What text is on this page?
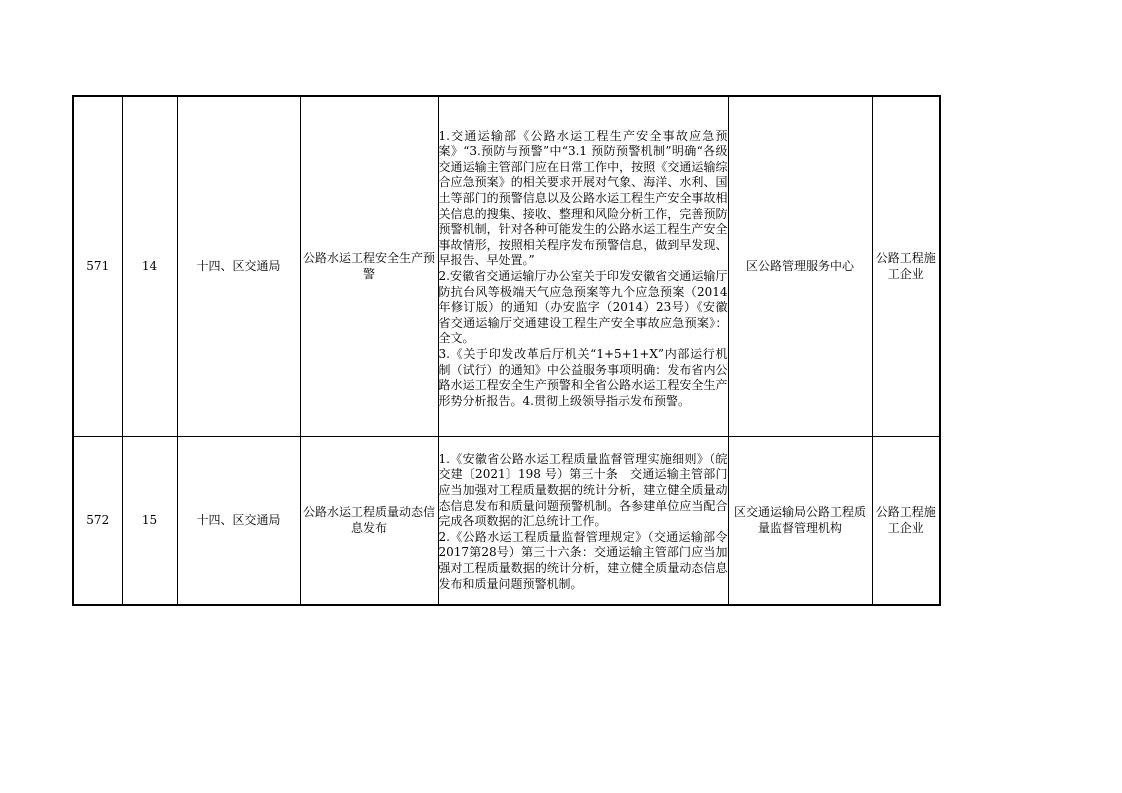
571	14	十四、区交通局	公路水运工程安全生产预警	1.交通运输部《公路水运工程生产安全事故应急预案》“3.预防与预警”中“3.1 预防预警机制”明确“各级交通运输主管部门应在日常工作中，按照《交通运输综合应急预案》的相关要求开展对气象、海洋、水利、国土等部门的预警信息以及公路水运工程生产安全事故相关信息的搜集、接收、整理和风险分析工作，完善预防预警机制，针对各种可能发生的公路水运工程生产安全事故情形，按照相关程序发布预警信息，做到早发现、早报告、早处置。”

2.安徽省交通运输厅办公室关于印发安徽省交通运输厅防抗台风等极端天气应急预案等九个应急预案（2014年修订版）的通知（办安监字（2014）23号）《安徽省交通运输厅交通建设工程生产安全事故应急预案》：全文。

3.《关于印发改革后厅机关“1+5+1+X”内部运行机制（试行）的通知》中公益服务事项明确：发布省内公路水运工程安全生产预警和全省公路水运工程安全生产形势分析报告。4.贯彻上级领导指示发布预警。	区公路管理服务中心	公路工程施工企业
572	15	十四、区交通局	公路水运工程质量动态信息发布	1.《安徽省公路水运工程质量监督管理实施细则》（皖交建〔2021〕198 号）第三十条　交通运输主管部门应当加强对工程质量数据的统计分析，建立健全质量动态信息发布和质量问题预警机制。各参建单位应当配合完成各项数据的汇总统计工作。

2.《公路水运工程质量监督管理规定》（交通运输部令2017第28号）第三十六条：交通运输主管部门应当加强对工程质量数据的统计分析，建立健全质量动态信息发布和质量问题预警机制。	区交通运输局公路工程质量监督管理机构	公路工程施工企业
